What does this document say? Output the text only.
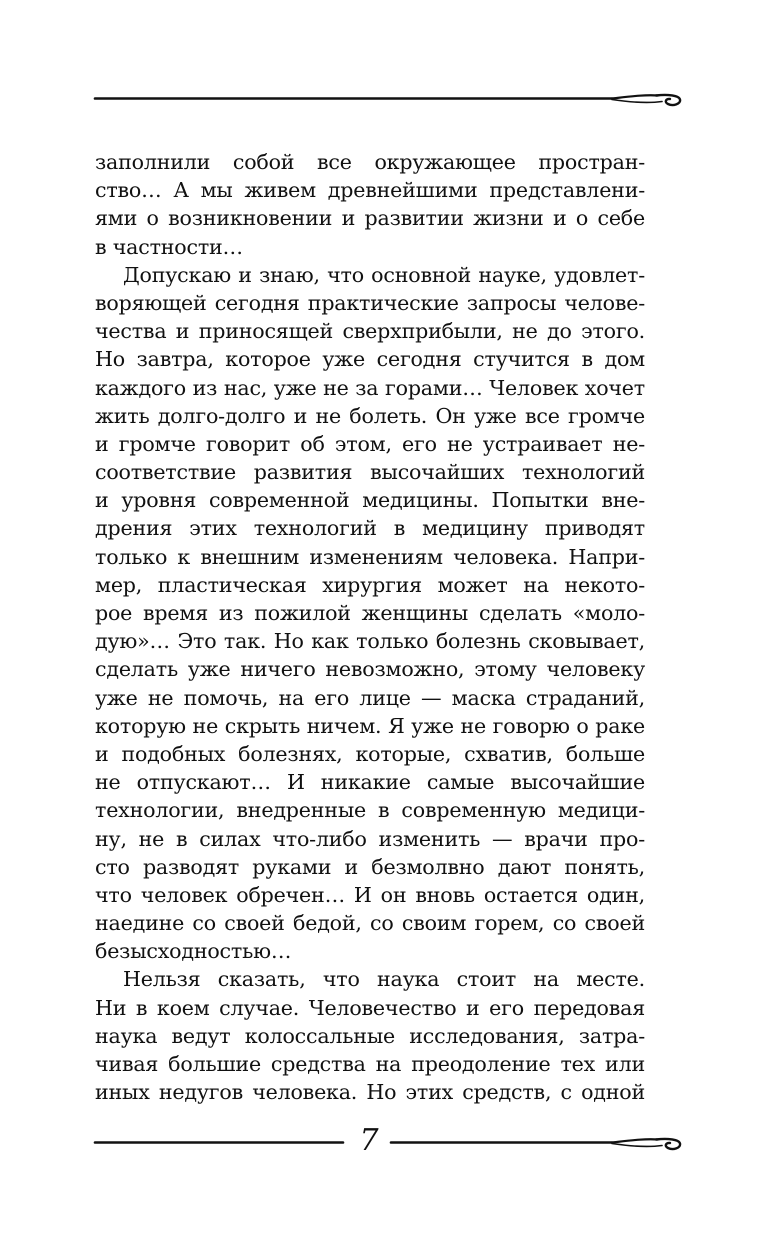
заполнили собой все окружающее простран-
ство… А мы живем древнейшими представлени-
ями о возникновении и развитии жизни и о себе
в частности…
Допускаю и знаю, что основной науке, удовлет-
воряющей сегодня практические запросы челове-
чества и приносящей сверхприбыли, не до этого.
Но завтра, которое уже сегодня стучится в дом
каждого из нас, уже не за горами… Человек хочет
жить долго-долго и не болеть. Он уже все громче
и громче говорит об этом, его не устраивает не-
соответствие развития высочайших технологий
и уровня современной медицины. Попытки вне-
дрения этих технологий в медицину приводят
только к внешним изменениям человека. Напри-
мер, пластическая хирургия может на некото-
рое время из пожилой женщины сделать «моло-
дую»… Это так. Но как только болезнь сковывает,
сделать уже ничего невозможно, этому человеку
уже не помочь, на его лице — маска страданий,
которую не скрыть ничем. Я уже не говорю о раке
и подобных болезнях, которые, схватив, больше
не отпускают… И никакие самые высочайшие
технологии, внедренные в современную медици-
ну, не в силах что-либо изменить — врачи про-
сто разводят руками и безмолвно дают понять,
что человек обречен… И он вновь остается один,
наедине со своей бедой, со своим горем, со своей
безысходностью…
Нельзя сказать, что наука стоит на месте.
Ни в коем случае. Человечество и его передовая
наука ведут колоссальные исследования, затра-
чивая большие средства на преодоление тех или
иных недугов человека. Но этих средств, с одной
7
